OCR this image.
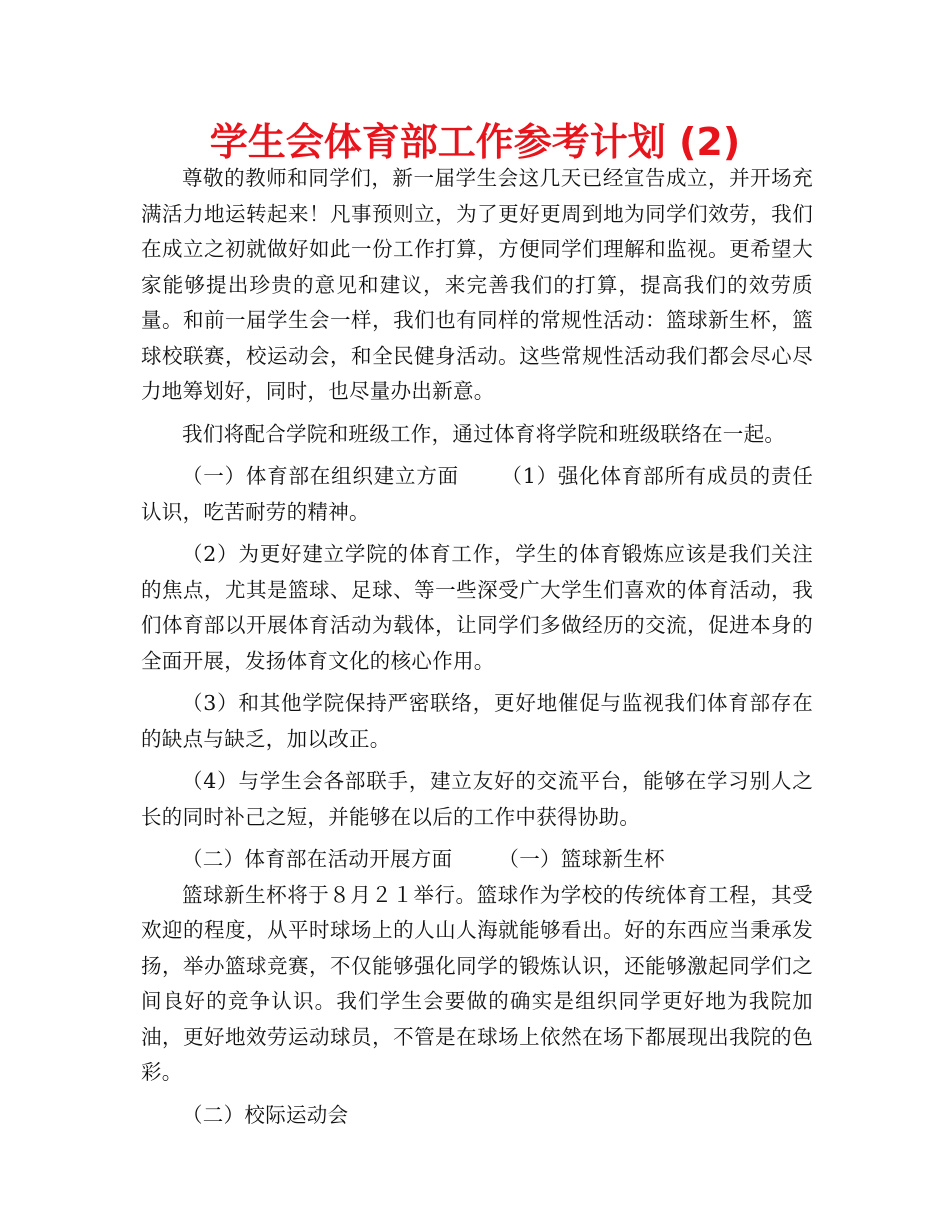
学生会体育部工作参考计划 (2)

尊敬的教师和同学们，新一届学生会这几天已经宣告成立，并开场充满活力地运转起来！凡事预则立，为了更好更周到地为同学们效劳，我们在成立之初就做好如此一份工作打算，方便同学们理解和监视。更希望大家能够提出珍贵的意见和建议，来完善我们的打算，提高我们的效劳质量。和前一届学生会一样，我们也有同样的常规性活动：篮球新生杯，篮球校联赛，校运动会，和全民健身活动。这些常规性活动我们都会尽心尽力地筹划好，同时，也尽量办出新意。

我们将配合学院和班级工作，通过体育将学院和班级联络在一起。

（一）体育部在组织建立方面 （1）强化体育部所有成员的责任认识，吃苦耐劳的精神。

（2）为更好建立学院的体育工作，学生的体育锻炼应该是我们关注的焦点，尤其是篮球、足球、等一些深受广大学生们喜欢的体育活动，我们体育部以开展体育活动为载体，让同学们多做经历的交流，促进本身的全面开展，发扬体育文化的核心作用。

（3）和其他学院保持严密联络，更好地催促与监视我们体育部存在的缺点与缺乏，加以改正。

（4）与学生会各部联手，建立友好的交流平台，能够在学习别人之长的同时补己之短，并能够在以后的工作中获得协助。

（二）体育部在活动开展方面 （一）篮球新生杯

篮球新生杯将于８月２１举行。篮球作为学校的传统体育工程，其受欢迎的程度，从平时球场上的人山人海就能够看出。好的东西应当秉承发扬，举办篮球竞赛，不仅能够强化同学的锻炼认识，还能够激起同学们之间良好的竞争认识。我们学生会要做的确实是组织同学更好地为我院加油，更好地效劳运动球员，不管是在球场上依然在场下都展现出我院的色彩。

（二）校际运动会
